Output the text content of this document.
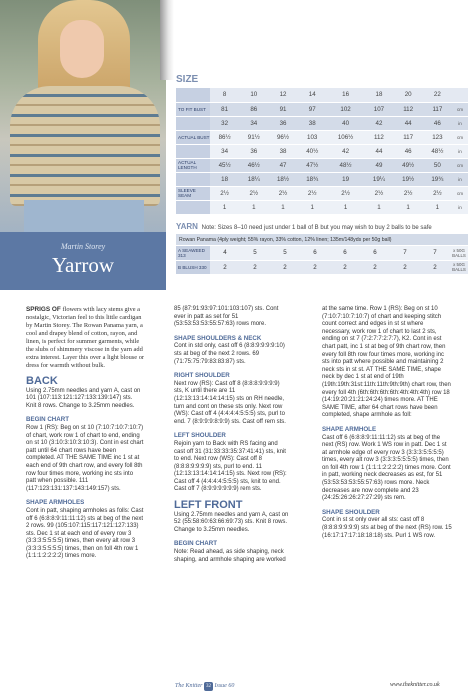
Martin Storey
Yarrow
SIZE
	8	10	12	14	16	18	20	22	
TO FIT BUST	81	86	91	97	102	107	112	117	cm
	32	34	36	38	40	42	44	46	in
ACTUAL BUST	86½	91½	96½	103	106½	112	117	123	cm
	34	36	38	40½	42	44	46	48½	in
ACTUAL LENGTH	45½	46½	47	47½	48½	49	49½	50	cm
	18	18¼	18½	18¾	19	19¼	19½	19¾	in
SLEEVE SEAM	2½	2½	2½	2½	2½	2½	2½	2½	cm
	1	1	1	1	1	1	1	1	in
YARN Note: Sizes 8–10 need just under 1 ball of B but you may wish to buy 2 balls to be safe
Rowan Panama (4ply weight; 55% rayon, 33% cotton, 12% linen; 135m/148yds per 50g ball)
A SEAWEED 313	4	5	5	6	6	6	7	7	x 50G BALLS
B BLUSH 330	2	2	2	2	2	2	2	2	x 50G BALLS

SPRIGS OF flowers with lacy stems give a nostalgic, Victorian feel to this little cardigan by Martin Storey. The Rowan Panama yarn, a cool and drapey blend of cotton, rayon, and linen, is perfect for summer garments, while the slubs of shimmery viscose in the yarn add extra interest. Layer this over a light blouse or dress for warmth without bulk.

BACK

Using 2.75mm needles and yarn A, cast on 101 (107:113:121:127:133:139:147) sts. Knit 8 rows. Change to 3.25mm needles.

BEGIN CHART

Row 1 (RS): Beg on st 10 (7:10:7:10:7:10:7) of chart, work row 1 of chart to end, ending on st 10 (3:10:3:10:3:10:3). Cont in est chart patt until 64 chart rows have been completed. AT THE SAME TIME inc 1 st at each end of 9th chart row, and every foll 8th row four times more, working inc sts into patt when possible. 111 (117:123:131:137:143:149:157) sts.

SHAPE ARMHOLES

Cont in patt, shaping armholes as folls: Cast off 6 (6:8:8:9:11:11:12) sts at beg of the next 2 rows. 99 (105:107:115:117:121:127:133) sts. Dec 1 st at each end of every row 3 (3:3:3:5:5:5:5) times, then every alt row 3 (3:3:3:5:5:5:5) times, then on foll 4th row 1 (1:1:1:2:2:2:2) times more.

85 (87:91:93:97:101:103:107) sts. Cont ever in patt as set for 51 (53:53:53:53:55:57:63) rows more.

SHAPE SHOULDERS & NECK

Cont in std only, cast off 6 (8:8:9:9:9:9:10) sts at beg of the next 2 rows. 69 (71:75:75:79:83:83:87) sts.

RIGHT SHOULDER

Next row (RS): Cast off 8 (8:8:8:9:9:9:9) sts, K until there are 11 (12:13:13:14:14:14:15) sts on RH needle, turn and cont on these sts only. Next row (WS): Cast off 4 (4:4:4:4:5:5:5) sts, purl to end. 7 (8:9:9:9:8:9:9) sts. Cast off rem sts.

LEFT SHOULDER

Rejoin yarn to Back with RS facing and cast off 31 (31:33:33:35:37:41:41) sts, knit to end. Next row (WS): Cast off 8 (8:8:8:9:9:9:9) sts, purl to end. 11 (12:13:13:14:14:14:15) sts. Next row (RS): Cast off 4 (4:4:4:4:5:5:5) sts, knit to end. Cast off 7 (8:9:9:9:9:9:9) rem sts.

LEFT FRONT

Using 2.75mm needles and yarn A, cast on 52 (55:58:60:63:66:69:73) sts. Knit 8 rows. Change to 3.25mm needles.

BEGIN CHART

Note: Read ahead, as side shaping, neck shaping, and armhole shaping are worked

at the same time. Row 1 (RS): Beg on st 10 (7:10:7:10:7:10:7) of chart and keeping stitch count correct and edges in st st where necessary, work row 1 of chart to last 2 sts, ending on st 7 (7:2:7:7:2:7:7), K2. Cont in est chart patt, inc 1 st at beg of 9th chart row, then every foll 8th row four times more, working inc sts into patt where possible and maintaining 2 neck sts in st st. AT THE SAME TIME, shape neck by dec 1 st at end of 19th (19th:19th:31st:11th:11th:9th:9th) chart row, then every foll 4th (6th:6th:6th:6th:4th:4th:4th) row 18 (14:19:20:21:21:24:24) times more. AT THE SAME TIME, after 64 chart rows have been completed, shape armhole as foll:

SHAPE ARMHOLE

Cast off 6 (6:8:8:9:11:11:12) sts at beg of the next (RS) row. Work 1 WS row in patt. Dec 1 st at armhole edge of every row 3 (3:3:3:5:5:5:5) times, every alt row 3 (3:3:3:5:5:5:5) times, then on foll 4th row 1 (1:1:1:2:2:2:2) times more. Cont in patt, working neck decreases as est, for 51 (53:53:53:53:55:57:63) rows more. Neck decreases are now complete and 23 (24:25:26:26:27:27:29) sts rem.

SHAPE SHOULDER

Cont in st st only over all sts: cast off 8 (8:8:8:9:9:9:9) sts at beg of the next (RS) row. 15 (16:17:17:17:18:18:18) sts. Purl 1 WS row.

The Knitter 32 Issue 60	www.theknitter.co.uk
